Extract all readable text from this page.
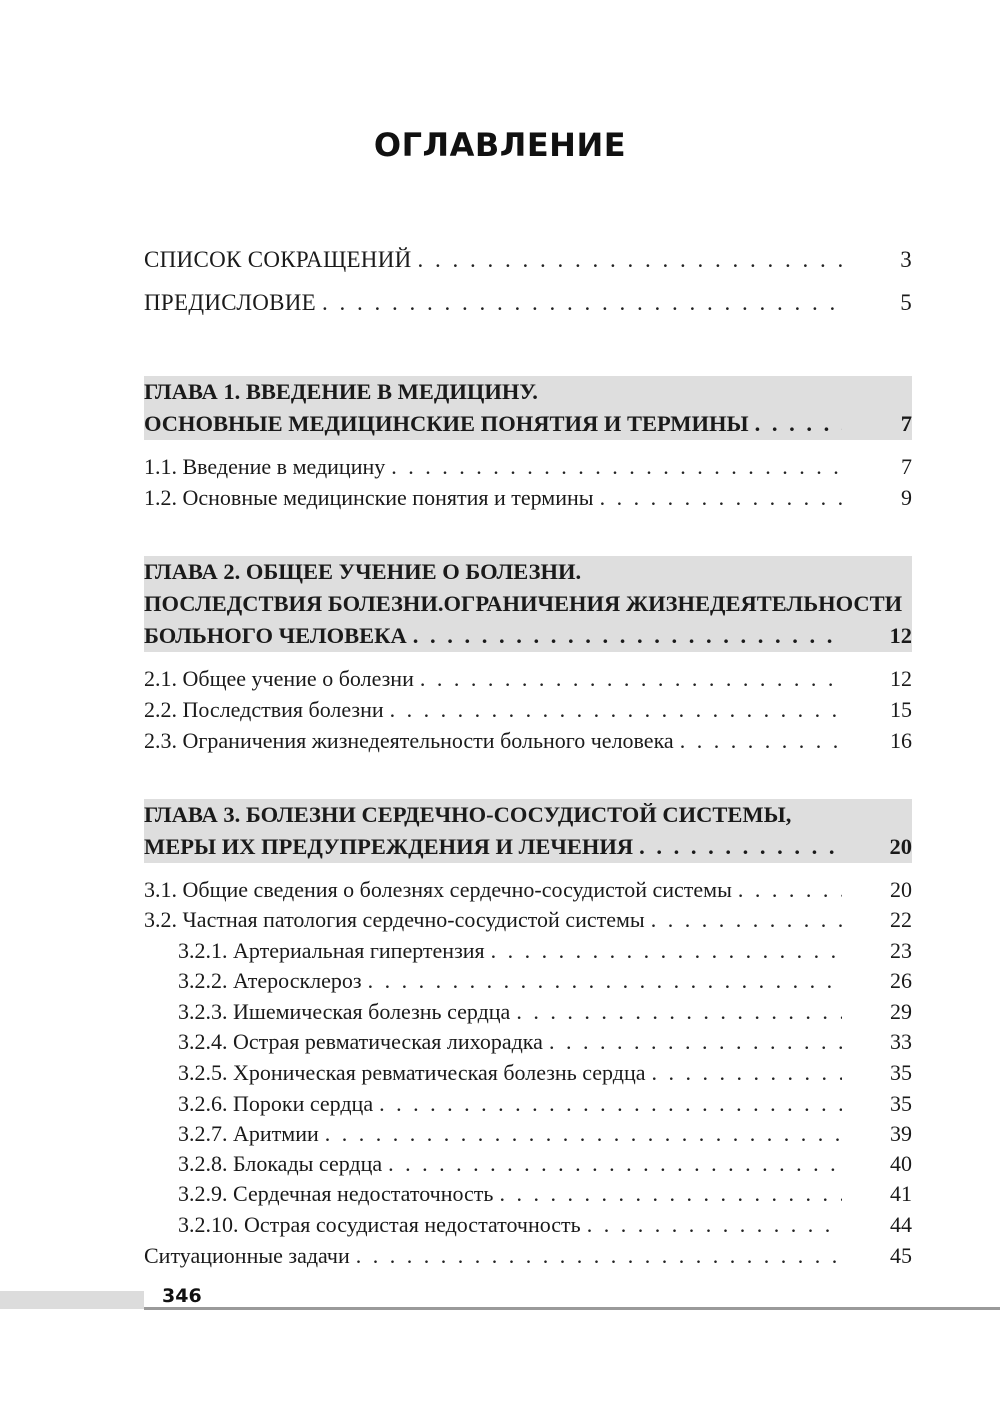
ОГЛАВЛЕНИЕ
СПИСОК СОКРАЩЕНИЙ . . .	3
ПРЕДИСЛОВИЕ . . .	5
ГЛАВА 1. ВВЕДЕНИЕ В МЕДИЦИНУ.
ОСНОВНЫЕ МЕДИЦИНСКИЕ ПОНЯТИЯ И ТЕРМИНЫ . . .	7
1.1. Введение в медицину . . .	7
1.2. Основные медицинские понятия и термины . . .	9
ГЛАВА 2. ОБЩЕЕ УЧЕНИЕ О БОЛЕЗНИ.
ПОСЛЕДСТВИЯ БОЛЕЗНИ.ОГРАНИЧЕНИЯ ЖИЗНЕДЕЯТЕЛЬНОСТИ
БОЛЬНОГО ЧЕЛОВЕКА . . .	12
2.1. Общее учение о болезни . . .	12
2.2. Последствия болезни . . .	15
2.3. Ограничения жизнедеятельности больного человека . . .	16
ГЛАВА 3. БОЛЕЗНИ СЕРДЕЧНО-СОСУДИСТОЙ СИСТЕМЫ,
МЕРЫ ИХ ПРЕДУПРЕЖДЕНИЯ И ЛЕЧЕНИЯ . . .	20
3.1. Общие сведения о болезнях сердечно-сосудистой системы . . .	20
3.2. Частная патология сердечно-сосудистой системы . . .	22
3.2.1. Артериальная гипертензия . . .	23
3.2.2. Атеросклероз . . .	26
3.2.3. Ишемическая болезнь сердца . . .	29
3.2.4. Острая ревматическая лихорадка . . .	33
3.2.5. Хроническая ревматическая болезнь сердца . . .	35
3.2.6. Пороки сердца . . .	35
3.2.7. Аритмии . . .	39
3.2.8. Блокады сердца . . .	40
3.2.9. Сердечная недостаточность . . .	41
3.2.10. Острая сосудистая недостаточность . . .	44
Ситуационные задачи . . .	45
346
